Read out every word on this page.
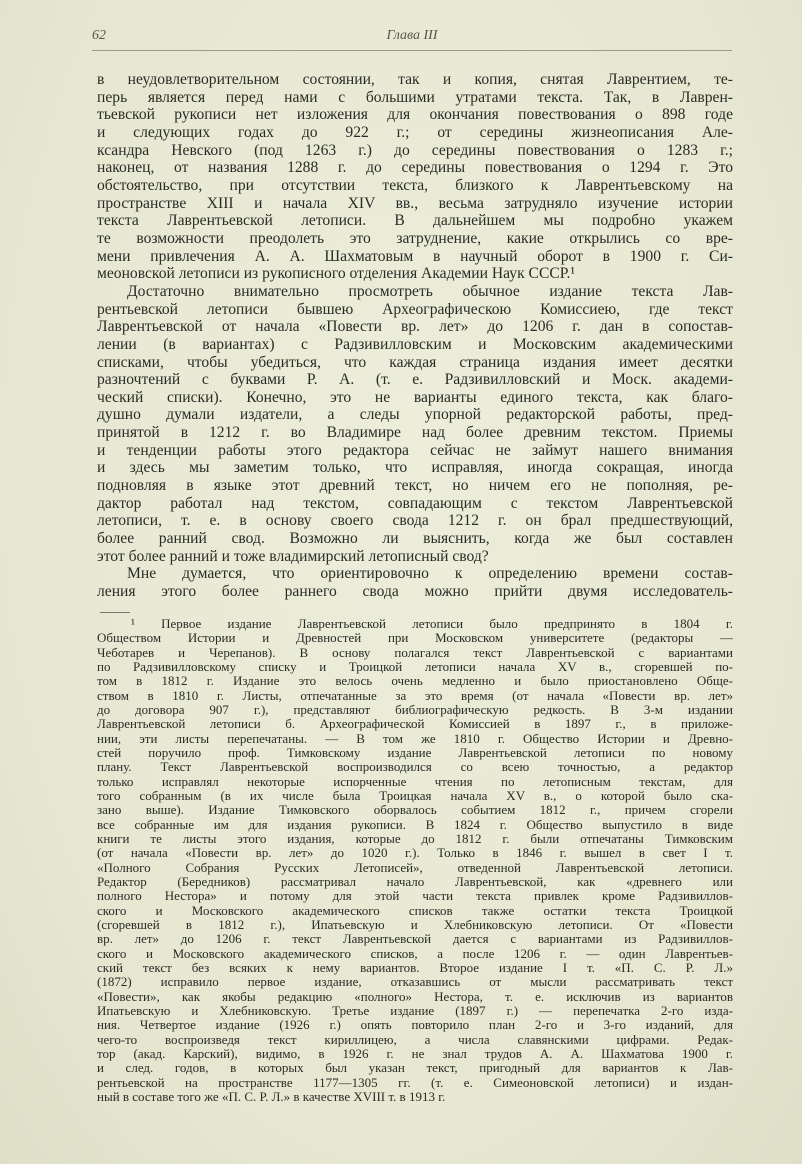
62	Глава III
в неудовлетворительном состоянии, так и копия, снятая Лаврентием, те-
перь является перед нами с большими утратами текста. Так, в Лаврен-
тьевской рукописи нет изложения для окончания повествования о 898 годе
и следующих годах до 922 г.; от середины жизнеописания Але-
ксандра Невского (под 1263 г.) до середины повествования о 1283 г.;
наконец, от названия 1288 г. до середины повествования о 1294 г. Это
обстоятельство, при отсутствии текста, близкого к Лаврентьевскому на
пространстве XIII и начала XIV вв., весьма затрудняло изучение истории
текста Лаврентьевской летописи. В дальнейшем мы подробно укажем
те возможности преодолеть это затруднение, какие открылись со вре-
мени привлечения А. А. Шахматовым в научный оборот в 1900 г. Си-
меоновской летописи из рукописного отделения Академии Наук СССР.¹
Достаточно внимательно просмотреть обычное издание текста Лав-
рентьевской летописи бывшею Археографическою Комиссиею, где текст
Лаврентьевской от начала «Повести вр. лет» до 1206 г. дан в сопостав-
лении (в вариантах) с Радзивилловским и Московским академическими
списками, чтобы убедиться, что каждая страница издания имеет десятки
разночтений с буквами Р. А. (т. е. Радзивилловский и Моск. академи-
ческий списки). Конечно, это не варианты единого текста, как благо-
душно думали издатели, а следы упорной редакторской работы, пред-
принятой в 1212 г. во Владимире над более древним текстом. Приемы
и тенденции работы этого редактора сейчас не займут нашего внимания
и здесь мы заметим только, что исправляя, иногда сокращая, иногда
подновляя в языке этот древний текст, но ничем его не пополняя, ре-
дактор работал над текстом, совпадающим с текстом Лаврентьевской
летописи, т. е. в основу своего свода 1212 г. он брал предшествующий,
более ранний свод. Возможно ли выяснить, когда же был составлен
этот более ранний и тоже владимирский летописный свод?
Мне думается, что ориентировочно к определению времени состав-
ления этого более раннего свода можно прийти двумя исследователь-
¹ Первое издание Лаврентьевской летописи было предпринято в 1804 г.
Обществом Истории и Древностей при Московском университете (редакторы —
Чеботарев и Черепанов). В основу полагался текст Лаврентьевской с вариантами
по Радзивилловскому списку и Троицкой летописи начала XV в., сгоревшей по-
том в 1812 г. Издание это велось очень медленно и было приостановлено Обще-
ством в 1810 г. Листы, отпечатанные за это время (от начала «Повести вр. лет»
до договора 907 г.), представляют библиографическую редкость. В 3-м издании
Лаврентьевской летописи б. Археографической Комиссией в 1897 г., в приложе-
нии, эти листы перепечатаны. — В том же 1810 г. Общество Истории и Древно-
стей поручило проф. Тимковскому издание Лаврентьевской летописи по новому
плану. Текст Лаврентьевской воспроизводился со всею точностью, а редактор
только исправлял некоторые испорченные чтения по летописным текстам, для
того собранным (в их числе была Троицкая начала XV в., о которой было ска-
зано выше). Издание Тимковского оборвалось событием 1812 г., причем сгорели
все собранные им для издания рукописи. В 1824 г. Общество выпустило в виде
книги те листы этого издания, которые до 1812 г. были отпечатаны Тимковским
(от начала «Повести вр. лет» до 1020 г.). Только в 1846 г. вышел в свет I т.
«Полного Собрания Русских Летописей», отведенной Лаврентьевской летописи.
Редактор (Бередников) рассматривал начало Лаврентьевской, как «древнего или
полного Нестора» и потому для этой части текста привлек кроме Радзивиллов-
ского и Московского академического списков также остатки текста Троицкой
(сгоревшей в 1812 г.), Ипатьевскую и Хлебниковскую летописи. От «Повести
вр. лет» до 1206 г. текст Лаврентьевской дается с вариантами из Радзивиллов-
ского и Московского академического списков, а после 1206 г. — один Лаврентьев-
ский текст без всяких к нему вариантов. Второе издание I т. «П. С. Р. Л.»
(1872) исправило первое издание, отказавшись от мысли рассматривать текст
«Повести», как якобы редакцию «полного» Нестора, т. е. исключив из вариантов
Ипатьевскую и Хлебниковскую. Третье издание (1897 г.) — перепечатка 2-го изда-
ния. Четвертое издание (1926 г.) опять повторило план 2-го и 3-го изданий, для
чего-то воспроизведя текст кириллицею, а числа славянскими цифрами. Редак-
тор (акад. Карский), видимо, в 1926 г. не знал трудов А. А. Шахматова 1900 г.
и след. годов, в которых был указан текст, пригодный для вариантов к Лав-
рентьевской на пространстве 1177—1305 гг. (т. е. Симеоновской летописи) и издан-
ный в составе того же «П. С. Р. Л.» в качестве XVIII т. в 1913 г.
